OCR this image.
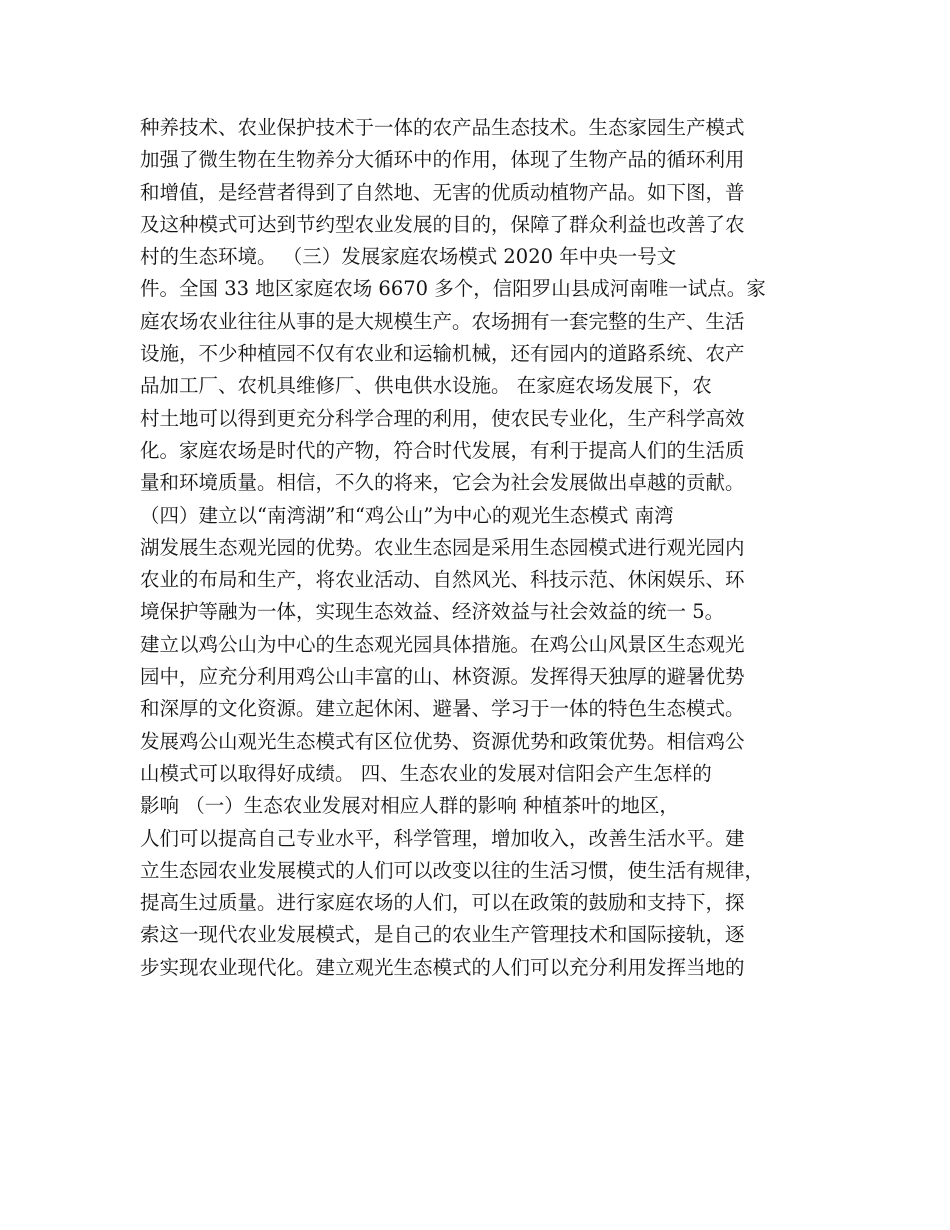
种养技术、农业保护技术于一体的农产品生态技术。生态家园生产模式
加强了微生物在生物养分大循环中的作用，体现了生物产品的循环利用
和增值，是经营者得到了自然地、无害的优质动植物产品。如下图，普
及这种模式可达到节约型农业发展的目的，保障了群众利益也改善了农
村的生态环境。 （三）发展家庭农场模式 2020 年中央一号文
件。全国 33 地区家庭农场 6670 多个，信阳罗山县成河南唯一试点。家
庭农场农业往往从事的是大规模生产。农场拥有一套完整的生产、生活
设施，不少种植园不仅有农业和运输机械，还有园内的道路系统、农产
品加工厂、农机具维修厂、供电供水设施。 在家庭农场发展下，农
村土地可以得到更充分科学合理的利用，使农民专业化，生产科学高效
化。家庭农场是时代的产物，符合时代发展，有利于提高人们的生活质
量和环境质量。相信，不久的将来，它会为社会发展做出卓越的贡献。
（四）建立以“南湾湖”和“鸡公山”为中心的观光生态模式 南湾
湖发展生态观光园的优势。农业生态园是采用生态园模式进行观光园内
农业的布局和生产，将农业活动、自然风光、科技示范、休闲娱乐、环
境保护等融为一体，实现生态效益、经济效益与社会效益的统一 5。
建立以鸡公山为中心的生态观光园具体措施。在鸡公山风景区生态观光
园中，应充分利用鸡公山丰富的山、林资源。发挥得天独厚的避暑优势
和深厚的文化资源。建立起休闲、避暑、学习于一体的特色生态模式。
发展鸡公山观光生态模式有区位优势、资源优势和政策优势。相信鸡公
山模式可以取得好成绩。 四、生态农业的发展对信阳会产生怎样的
影响 （一）生态农业发展对相应人群的影响 种植茶叶的地区，
人们可以提高自己专业水平，科学管理，增加收入，改善生活水平。建
立生态园农业发展模式的人们可以改变以往的生活习惯，使生活有规律，
提高生过质量。进行家庭农场的人们，可以在政策的鼓励和支持下，探
索这一现代农业发展模式，是自己的农业生产管理技术和国际接轨，逐
步实现农业现代化。建立观光生态模式的人们可以充分利用发挥当地的
